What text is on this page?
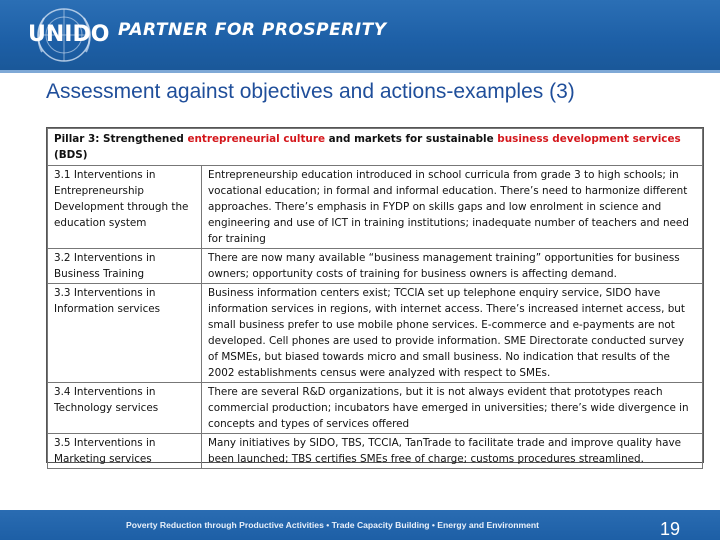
UNIDO PARTNER FOR PROSPERITY
Assessment against objectives and actions-examples (3)
Pillar 3: Strengthened entrepreneurial culture and markets for sustainable business development services (BDS)	
3.1 Interventions in Entrepreneurship Development through the education system	Entrepreneurship education introduced in school curricula from grade 3 to high schools; in vocational education; in formal and informal education. There’s need to harmonize different approaches. There’s emphasis in FYDP on skills gaps and low enrolment in science and engineering and use of ICT in training institutions; inadequate number of teachers and need for training
3.2 Interventions in Business Training	There are now many available “business management training” opportunities for business owners; opportunity costs of training for business owners is affecting demand.
3.3 Interventions in Information services	Business information centers exist; TCCIA set up telephone enquiry service, SIDO have information services in regions, with internet access. There’s increased internet access, but small business prefer to use mobile phone services. E-commerce and e-payments are not developed. Cell phones are used to provide information. SME Directorate conducted survey of MSMEs, but biased towards micro and small business. No indication that results of the 2002 establishments census were analyzed with respect to SMEs.
3.4 Interventions in Technology services	There are several R&D organizations, but it is not always evident that prototypes reach commercial production; incubators have emerged in universities; there’s wide divergence in concepts and types of services offered
3.5 Interventions in Marketing services	Many initiatives by SIDO, TBS, TCCIA, TanTrade to facilitate trade and improve quality have been launched; TBS certifies SMEs free of charge; customs procedures streamlined.
Poverty Reduction through Productive Activities • Trade Capacity Building • Energy and Environment	19
